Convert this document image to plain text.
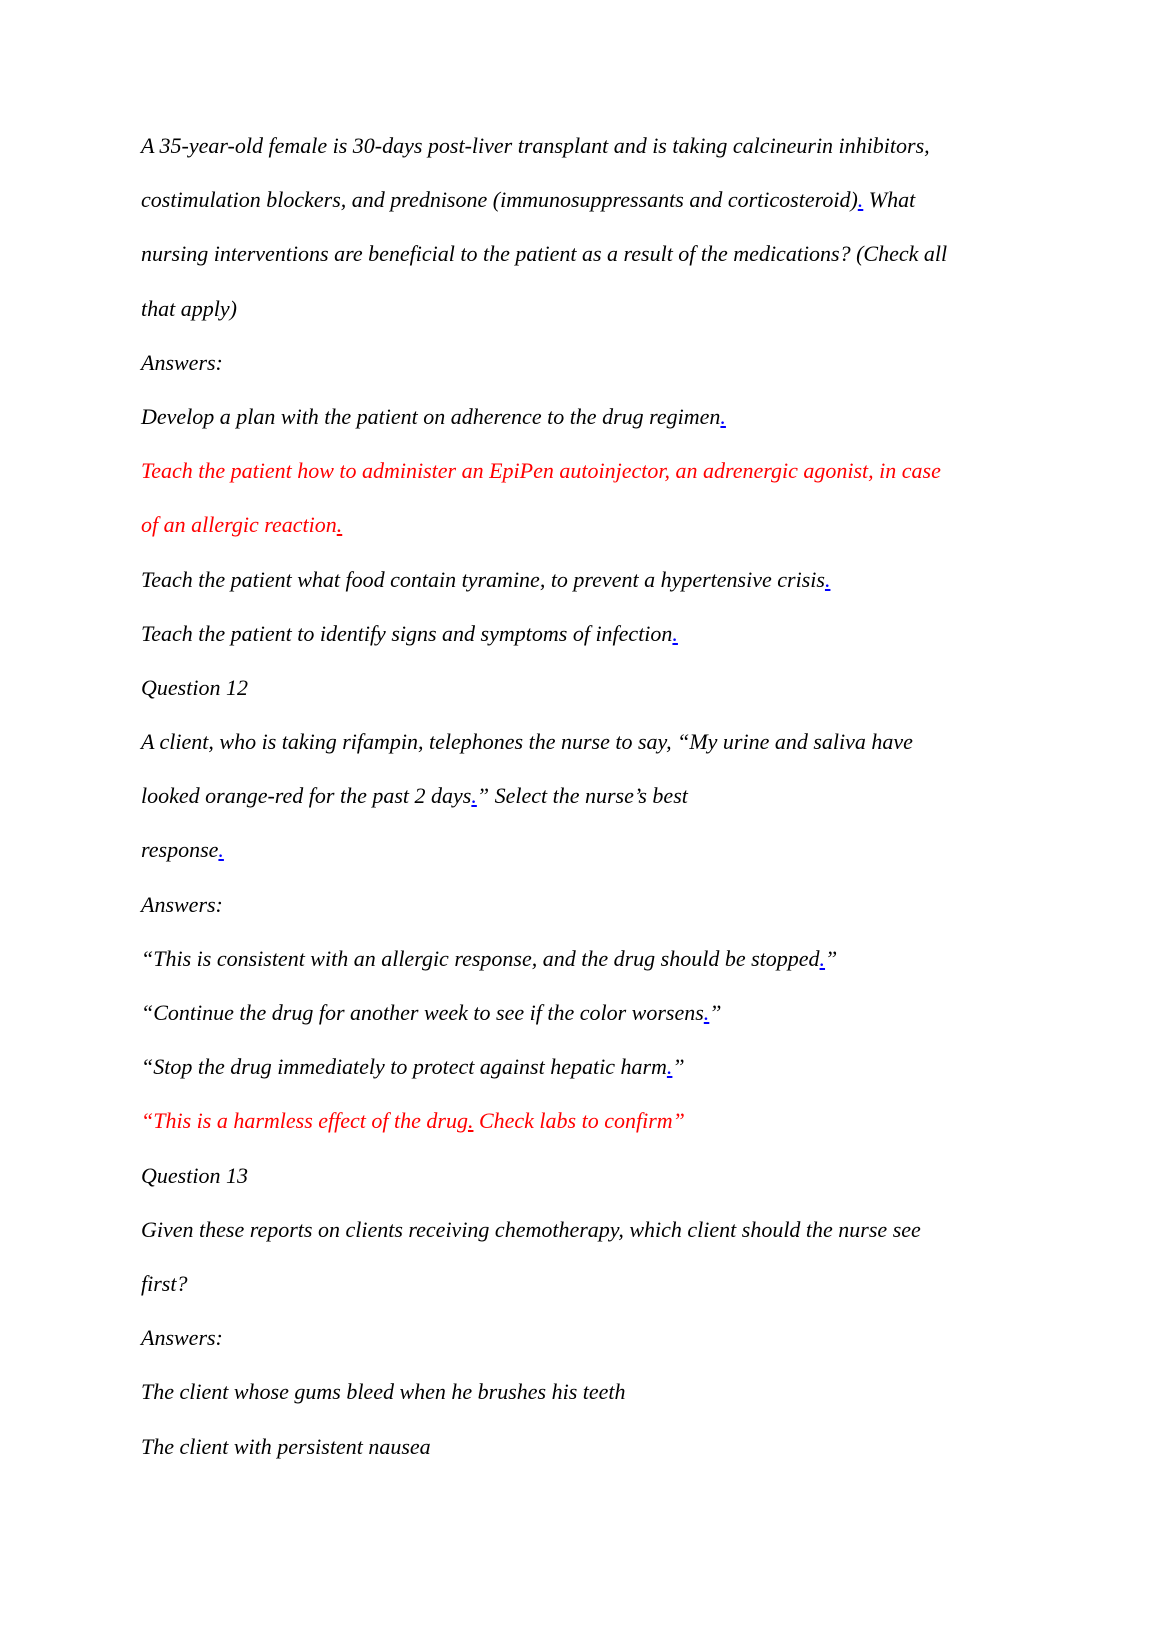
A 35-year-old female is 30-days post-liver transplant and is taking calcineurin inhibitors,
costimulation blockers, and prednisone (immunosuppressants and corticosteroid). What
nursing interventions are beneficial to the patient as a result of the medications? (Check all
that apply)
Answers:
Develop a plan with the patient on adherence to the drug regimen.
Teach the patient how to administer an EpiPen autoinjector, an adrenergic agonist, in case
of an allergic reaction.
Teach the patient what food contain tyramine, to prevent a hypertensive crisis.
Teach the patient to identify signs and symptoms of infection.
Question 12
A client, who is taking rifampin, telephones the nurse to say, “My urine and saliva have
looked orange-red for the past 2 days.” Select the nurse’s best
response.
Answers:
“This is consistent with an allergic response, and the drug should be stopped.”
“Continue the drug for another week to see if the color worsens.”
“Stop the drug immediately to protect against hepatic harm.”
“This is a harmless effect of the drug. Check labs to confirm”
Question 13
Given these reports on clients receiving chemotherapy, which client should the nurse see
first?
Answers:
The client whose gums bleed when he brushes his teeth
The client with persistent nausea
